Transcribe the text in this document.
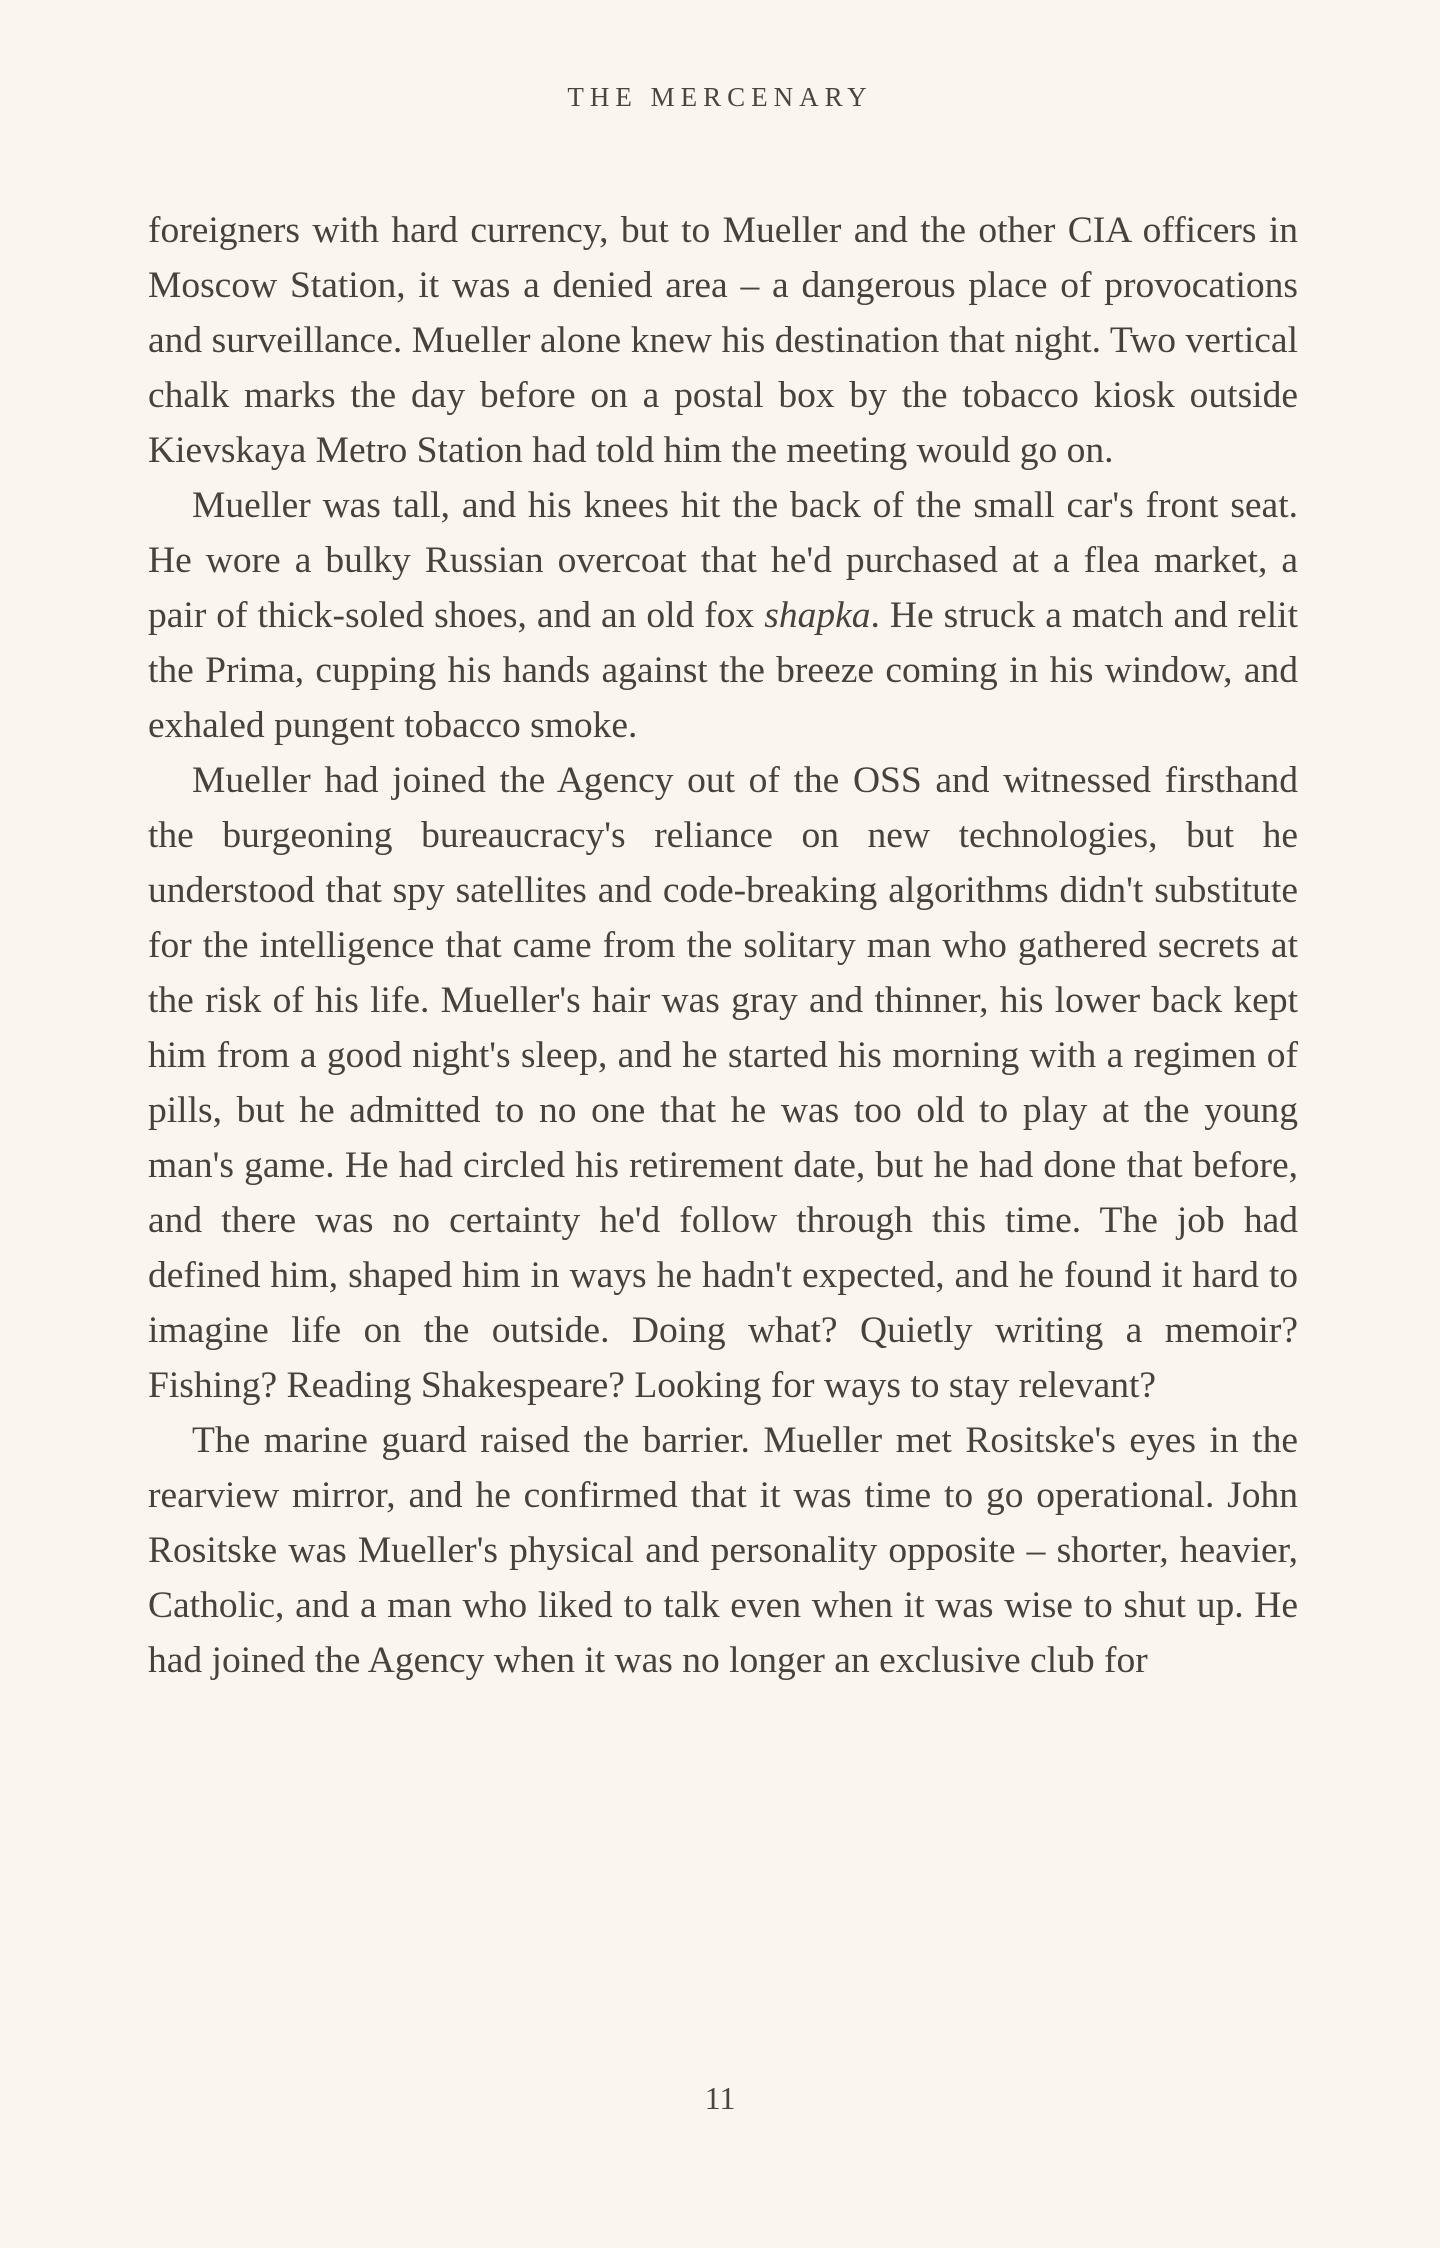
THE MERCENARY

foreigners with hard currency, but to Mueller and the other CIA officers in Moscow Station, it was a denied area – a dangerous place of provocations and surveillance. Mueller alone knew his destination that night. Two vertical chalk marks the day before on a postal box by the tobacco kiosk outside Kievskaya Metro Station had told him the meeting would go on.

Mueller was tall, and his knees hit the back of the small car's front seat. He wore a bulky Russian overcoat that he'd purchased at a flea market, a pair of thick-soled shoes, and an old fox shapka. He struck a match and relit the Prima, cupping his hands against the breeze coming in his window, and exhaled pungent tobacco smoke.

Mueller had joined the Agency out of the OSS and witnessed firsthand the burgeoning bureaucracy's reliance on new technologies, but he understood that spy satellites and code-breaking algorithms didn't substitute for the intelligence that came from the solitary man who gathered secrets at the risk of his life. Mueller's hair was gray and thinner, his lower back kept him from a good night's sleep, and he started his morning with a regimen of pills, but he admitted to no one that he was too old to play at the young man's game. He had circled his retirement date, but he had done that before, and there was no certainty he'd follow through this time. The job had defined him, shaped him in ways he hadn't expected, and he found it hard to imagine life on the outside. Doing what? Quietly writing a memoir? Fishing? Reading Shakespeare? Looking for ways to stay relevant?

The marine guard raised the barrier. Mueller met Rositske's eyes in the rearview mirror, and he confirmed that it was time to go operational. John Rositske was Mueller's physical and personality opposite – shorter, heavier, Catholic, and a man who liked to talk even when it was wise to shut up. He had joined the Agency when it was no longer an exclusive club for

11
